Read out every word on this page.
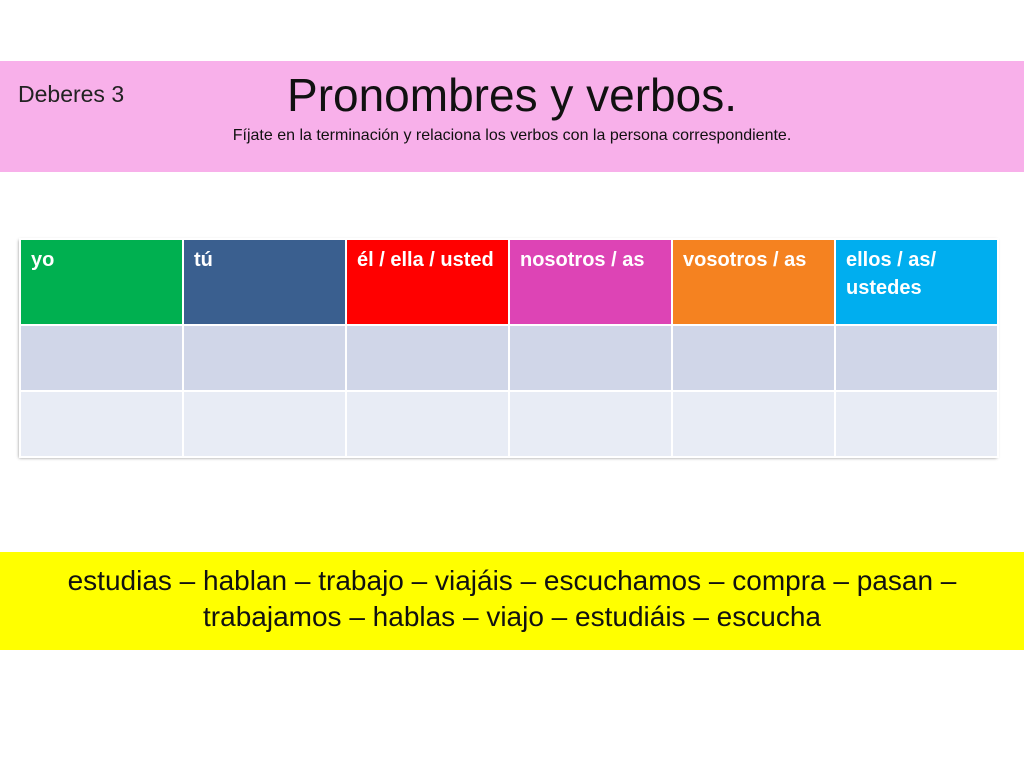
Deberes 3	Pronombres y verbos.
Fíjate en la terminación y relaciona los verbos con la persona correspondiente.
yo	tú	él / ella / usted	nosotros / as	vosotros / as	ellos / as/ ustedes

estudias – hablan – trabajo – viajáis – escuchamos – compra – pasan –
trabajamos – hablas – viajo – estudiáis – escucha
